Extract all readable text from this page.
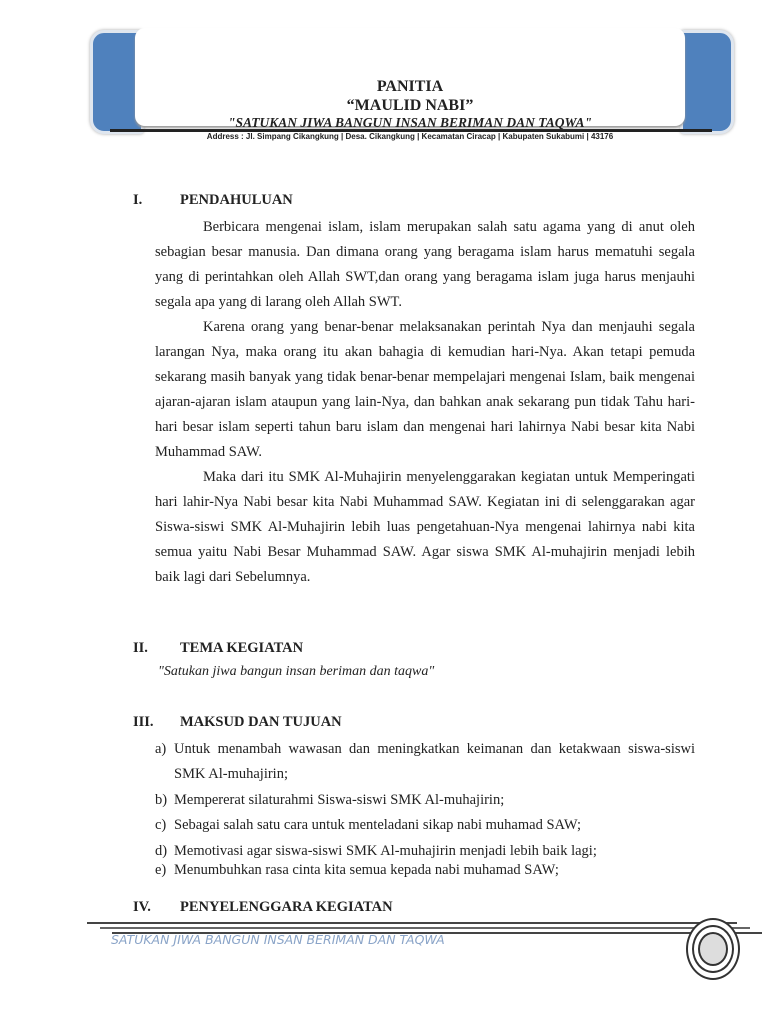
PANITIA
“MAULID NABI”
"SATUKAN JIWA BANGUN INSAN BERIMAN DAN TAQWA"
Address : Jl. Simpang Cikangkung | Desa. Cikangkung | Kecamatan Ciracap | Kabupaten Sukabumi | 43176
I.	PENDAHULUAN
Berbicara mengenai islam, islam merupakan salah satu agama yang di anut oleh sebagian besar manusia. Dan dimana orang yang beragama islam harus mematuhi segala yang di perintahkan oleh Allah SWT,dan orang yang beragama islam juga harus menjauhi segala apa yang di larang oleh Allah SWT.
Karena orang yang benar-benar melaksanakan perintah Nya dan menjauhi segala larangan Nya, maka orang itu akan bahagia di kemudian hari-Nya. Akan tetapi pemuda sekarang masih banyak yang tidak benar-benar mempelajari mengenai Islam, baik mengenai ajaran-ajaran islam ataupun yang lain-Nya, dan bahkan anak sekarang pun tidak Tahu hari-hari besar islam seperti tahun baru islam dan mengenai hari lahirnya Nabi besar kita Nabi Muhammad SAW.
Maka dari itu SMK Al-Muhajirin menyelenggarakan kegiatan untuk Memperingati hari lahir-Nya Nabi besar kita Nabi Muhammad SAW. Kegiatan ini di selenggarakan agar Siswa-siswi SMK Al-Muhajirin lebih luas pengetahuan-Nya mengenai lahirnya nabi kita semua yaitu Nabi Besar Muhammad SAW. Agar siswa SMK Al-muhajirin menjadi lebih baik lagi dari Sebelumnya.
II. TEMA KEGIATAN
"Satukan jiwa bangun insan beriman dan taqwa"
III. MAKSUD DAN TUJUAN
a) Untuk menambah wawasan dan meningkatkan keimanan dan ketakwaan siswa-siswi SMK Al-muhajirin;
b) Mempererat silaturahmi Siswa-siswi SMK Al-muhajirin;
c) Sebagai salah satu cara untuk menteladani sikap nabi muhamad SAW;
d) Memotivasi agar siswa-siswi SMK Al-muhajirin menjadi lebih baik lagi;
e) Menumbuhkan rasa cinta kita semua kepada nabi muhamad SAW;
IV. PENYELENGGARA KEGIATAN
SATUKAN JIWA BANGUN INSAN BERIMAN DAN TAQWA
